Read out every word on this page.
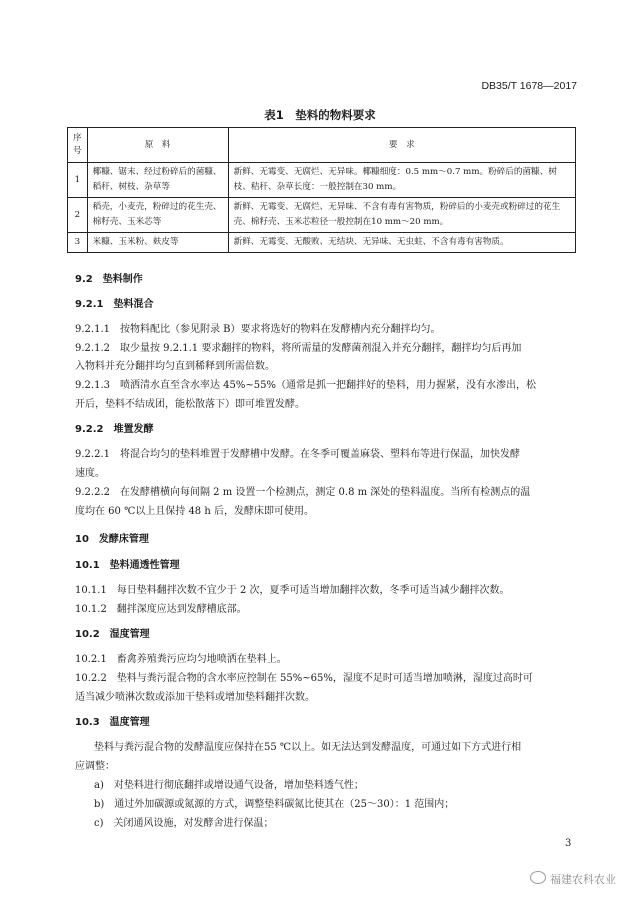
DB35/T 1678—2017
表1　垫料的物料要求
序号	原　料	要　求
1	椰糠、锯末、经过粉碎后的菌糠、稻秆、树枝、杂草等	新鲜、无霉变、无腐烂、无异味。椰糠细度：0.5 mm～0.7 mm。粉碎后的菌糠、树枝、秸秆、杂草长度：一般控制在30 mm。
2	稻壳，小麦壳，粉碎过的花生壳、棉籽壳、玉米芯等	新鲜、无霉变、无腐烂、无异味、不含有毒有害物质，粉碎后的小麦壳或粉碎过的花生壳、棉籽壳、玉米芯粒径一般控制在10 mm～20 mm。
3	米糠、玉米粉、麸皮等	新鲜、无霉变、无酸败、无结块、无异味、无虫蛀、不含有毒有害物质。
9.2　垫料制作
9.2.1　垫料混合
9.2.1.1　按物料配比（参见附录 B）要求将选好的物料在发酵槽内充分翻拌均匀。
9.2.1.2　取少量按 9.2.1.1 要求翻拌的物料，将所需量的发酵菌剂混入并充分翻拌，翻拌均匀后再加
入物料并充分翻拌均匀直到稀释到所需倍数。
9.2.1.3　喷洒清水直至含水率达 45%~55%（通常是抓一把翻拌好的垫料，用力握紧，没有水渗出，松
开后，垫料不结成团，能松散落下）即可堆置发酵。
9.2.2　堆置发酵
9.2.2.1　将混合均匀的垫料堆置于发酵槽中发酵。在冬季可覆盖麻袋、塑料布等进行保温，加快发酵
速度。
9.2.2.2　在发酵槽横向每间隔 2 m 设置一个检测点，测定 0.8 m 深处的垫料温度。当所有检测点的温
度均在 60 ℃以上且保持 48 h 后，发酵床即可使用。
10　发酵床管理
10.1　垫料通透性管理
10.1.1　每日垫料翻拌次数不宜少于 2 次，夏季可适当增加翻拌次数，冬季可适当减少翻拌次数。
10.1.2　翻拌深度应达到发酵槽底部。
10.2　湿度管理
10.2.1　畜禽养殖粪污应均匀地喷洒在垫料上。
10.2.2　垫料与粪污混合物的含水率应控制在 55%~65%，湿度不足时可适当增加喷淋，湿度过高时可
适当减少喷淋次数或添加干垫料或增加垫料翻拌次数。
10.3　温度管理
垫料与粪污混合物的发酵温度应保持在55 ℃以上。如无法达到发酵温度，可通过如下方式进行相
应调整：
a)　对垫料进行彻底翻拌或增设通气设备，增加垫料透气性；
b)　通过外加碳源或氮源的方式，调整垫料碳氮比使其在（25～30）：1 范围内；
c)　关闭通风设施，对发酵舍进行保温；
3
福建农科农业
